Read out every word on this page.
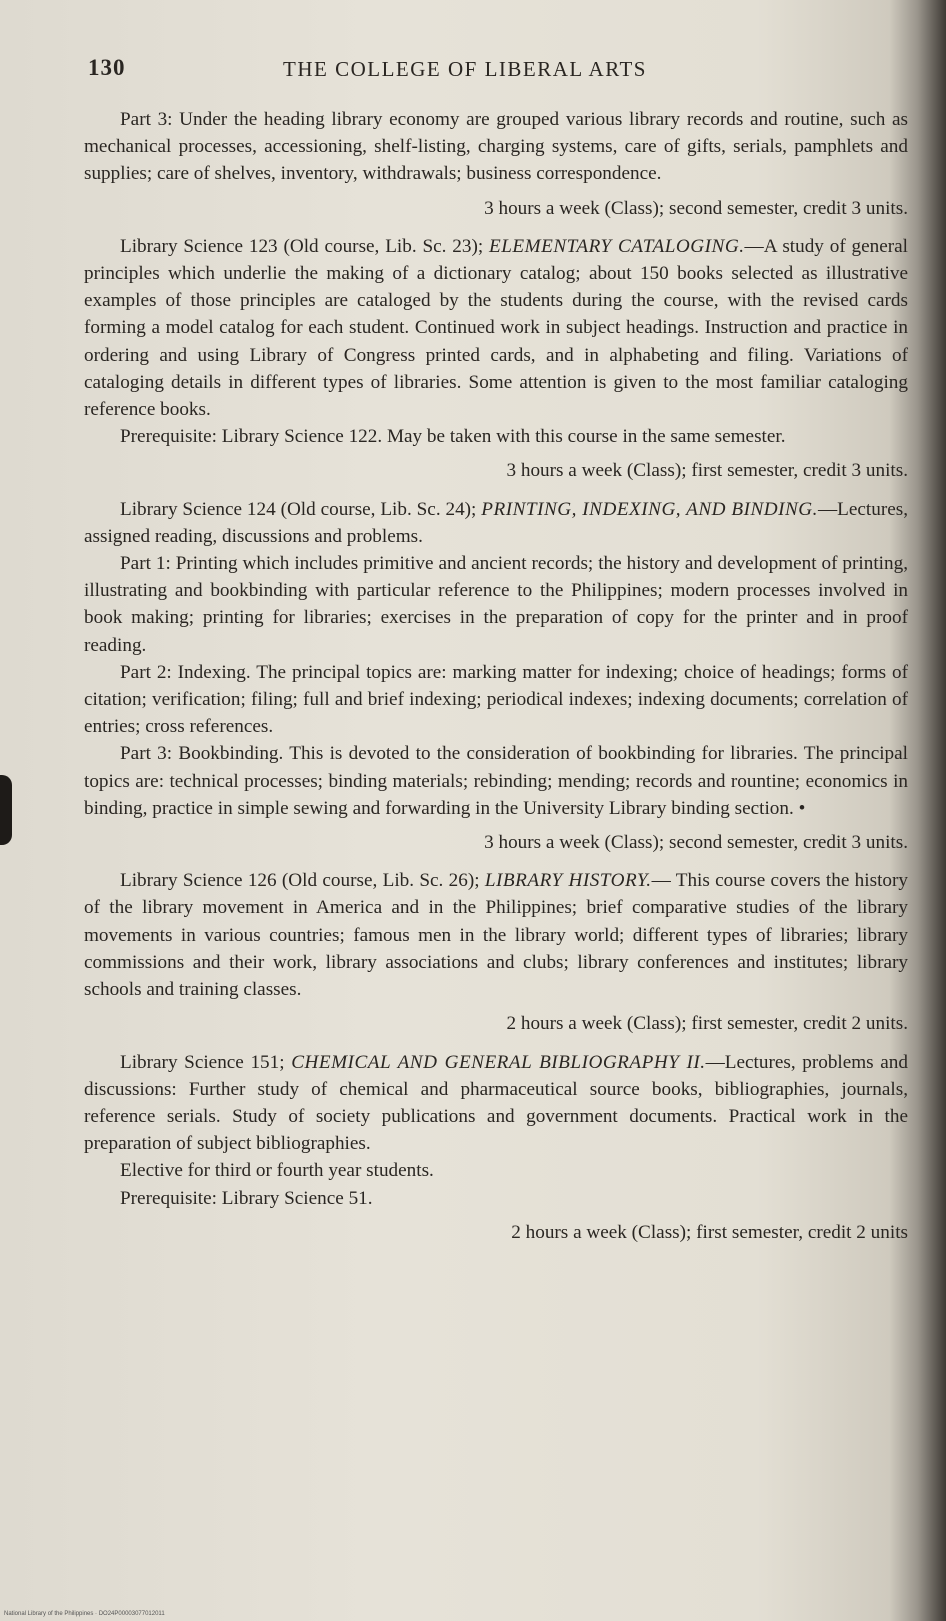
130	THE COLLEGE OF LIBERAL ARTS

Part 3: Under the heading library economy are grouped various library records and routine, such as mechanical processes, accessioning, shelf-listing, charging systems, care of gifts, serials, pamphlets and supplies; care of shelves, inventory, withdrawals; business correspondence.

3 hours a week (Class); second semester, credit 3 units.

Library Science 123 (Old course, Lib. Sc. 23); ELEMENTARY CATALOGING.—A study of general principles which underlie the making of a dictionary catalog; about 150 books selected as illustrative examples of those principles are cataloged by the students during the course, with the revised cards forming a model catalog for each student. Continued work in subject headings. Instruction and practice in ordering and using Library of Congress printed cards, and in alphabeting and filing. Variations of cataloging details in different types of libraries. Some attention is given to the most familiar cataloging reference books.

Prerequisite: Library Science 122. May be taken with this course in the same semester.

3 hours a week (Class); first semester, credit 3 units.

Library Science 124 (Old course, Lib. Sc. 24); PRINTING, INDEXING, AND BINDING.—Lectures, assigned reading, discussions and problems.

Part 1: Printing which includes primitive and ancient records; the history and development of printing, illustrating and bookbinding with particular reference to the Philippines; modern processes involved in book making; printing for libraries; exercises in the preparation of copy for the printer and in proof reading.

Part 2: Indexing. The principal topics are: marking matter for indexing; choice of headings; forms of citation; verification; filing; full and brief indexing; periodical indexes; indexing documents; correlation of entries; cross references.

Part 3: Bookbinding. This is devoted to the consideration of bookbinding for libraries. The principal topics are: technical processes; binding materials; rebinding; mending; records and rountine; economics in binding, practice in simple sewing and forwarding in the University Library binding section. •

3 hours a week (Class); second semester, credit 3 units.

Library Science 126 (Old course, Lib. Sc. 26); LIBRARY HISTORY.— This course covers the history of the library movement in America and in the Philippines; brief comparative studies of the library movements in various countries; famous men in the library world; different types of libraries; library commissions and their work, library associations and clubs; library conferences and institutes; library schools and training classes.

2 hours a week (Class); first semester, credit 2 units.

Library Science 151; CHEMICAL AND GENERAL BIBLIOGRAPHY II.—Lectures, problems and discussions: Further study of chemical and pharmaceutical source books, bibliographies, journals, reference serials. Study of society publications and government documents. Practical work in the preparation of subject bibliographies.

Elective for third or fourth year students.

Prerequisite: Library Science 51.

2 hours a week (Class); first semester, credit 2 units

National Library of the Philippines · DO24P00003077012011
